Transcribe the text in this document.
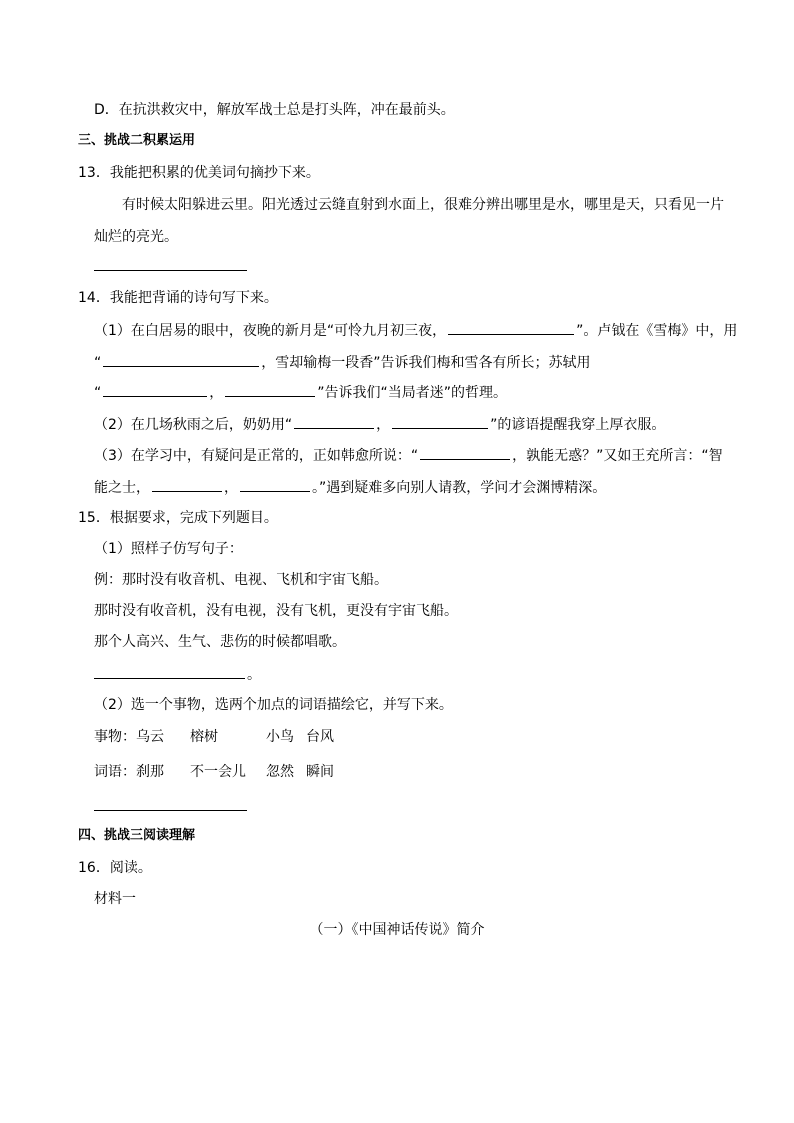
D．在抗洪救灾中，解放军战士总是打头阵，冲在最前头。
三、挑战二积累运用
13．我能把积累的优美词句摘抄下来。
有时候太阳躲进云里。阳光透过云缝直射到水面上，很难分辨出哪里是水，哪里是天，只看见一片
灿烂的亮光。
14．我能把背诵的诗句写下来。
（1）在白居易的眼中，夜晚的新月是“可怜九月初三夜，	”。卢钺在《雪梅》中，用
“	，雪却输梅一段香”告诉我们梅和雪各有所长；苏轼用
“	，	”告诉我们“当局者迷”的哲理。
（2）在几场秋雨之后，奶奶用“	，	”的谚语提醒我穿上厚衣服。
（3）在学习中，有疑问是正常的，正如韩愈所说：“	，孰能无惑？”又如王充所言：“智
能之士，	，	。”遇到疑难多向别人请教，学问才会渊博精深。
15．根据要求，完成下列题目。
（1）照样子仿写句子：
例：那时没有收音机、电视、飞机和宇宙飞船。
那时没有收音机，没有电视，没有飞机，更没有宇宙飞船。
那个人高兴、生气、悲伤的时候都唱歌。
。
（2）选一个事物，选两个加点的词语描绘它，并写下来。
事物：乌云 榕树	小鸟 台风
词语：刹那 不一会儿 忽然 瞬间
四、挑战三阅读理解
16．阅读。
材料一
（一）《中国神话传说》简介
